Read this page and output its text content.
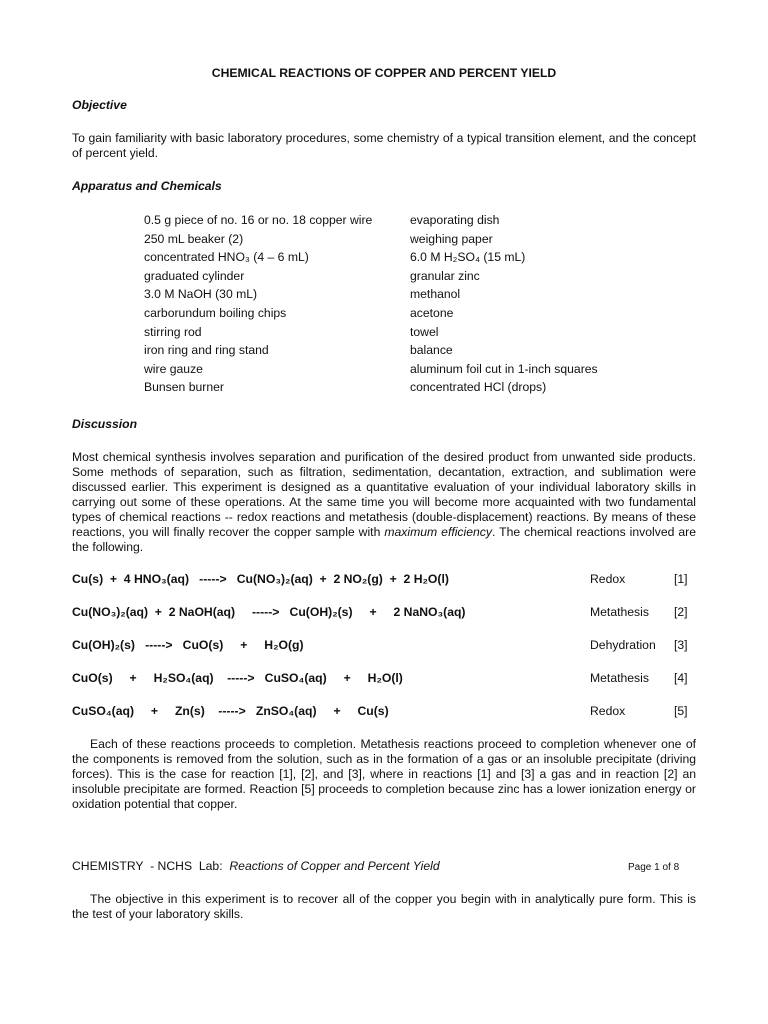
CHEMICAL REACTIONS OF COPPER AND PERCENT YIELD
Objective
To gain familiarity with basic laboratory procedures, some chemistry of a typical transition element, and the concept of percent yield.
Apparatus and Chemicals
0.5 g piece of no. 16 or no. 18 copper wire	evaporating dish
250 mL beaker (2)	weighing paper
concentrated HNO₃ (4 – 6 mL)	6.0 M H₂SO₄ (15 mL)
graduated cylinder	granular zinc
3.0 M NaOH (30 mL)	methanol
carborundum boiling chips	acetone
stirring rod	towel
iron ring and ring stand	balance
wire gauze	aluminum foil cut in 1-inch squares
Bunsen burner	concentrated HCl (drops)
Discussion
Most chemical synthesis involves separation and purification of the desired product from unwanted side products. Some methods of separation, such as filtration, sedimentation, decantation, extraction, and sublimation were discussed earlier. This experiment is designed as a quantitative evaluation of your individual laboratory skills in carrying out some of these operations. At the same time you will become more acquainted with two fundamental types of chemical reactions -- redox reactions and metathesis (double-displacement) reactions. By means of these reactions, you will finally recover the copper sample with maximum efficiency. The chemical reactions involved are the following.
Cu(s)  +  4 HNO₃(aq)   ----->   Cu(NO₃)₂(aq)  +  2 NO₂(g)  +  2 H₂O(l)	Redox	[1]
Cu(NO₃)₂(aq)  +  2 NaOH(aq)     ----->   Cu(OH)₂(s)     +     2 NaNO₃(aq)	Metathesis [2]
Cu(OH)₂(s)   ----->   CuO(s)     +     H₂O(g)	Dehydration [3]
CuO(s)     +     H₂SO₄(aq)    ----->   CuSO₄(aq)     +     H₂O(l)	Metathesis [4]
CuSO₄(aq)     +     Zn(s)    ----->   ZnSO₄(aq)     +     Cu(s)	Redox	[5]
Each of these reactions proceeds to completion. Metathesis reactions proceed to completion whenever one of the components is removed from the solution, such as in the formation of a gas or an insoluble precipitate (driving forces). This is the case for reaction [1], [2], and [3], where in reactions [1] and [3] a gas and in reaction [2] an insoluble precipitate are formed. Reaction [5] proceeds to completion because zinc has a lower ionization energy or oxidation potential that copper.
CHEMISTRY  - NCHS  Lab:  Reactions of Copper and Percent Yield	Page 1 of 8
The objective in this experiment is to recover all of the copper you begin with in analytically pure form. This is the test of your laboratory skills.
